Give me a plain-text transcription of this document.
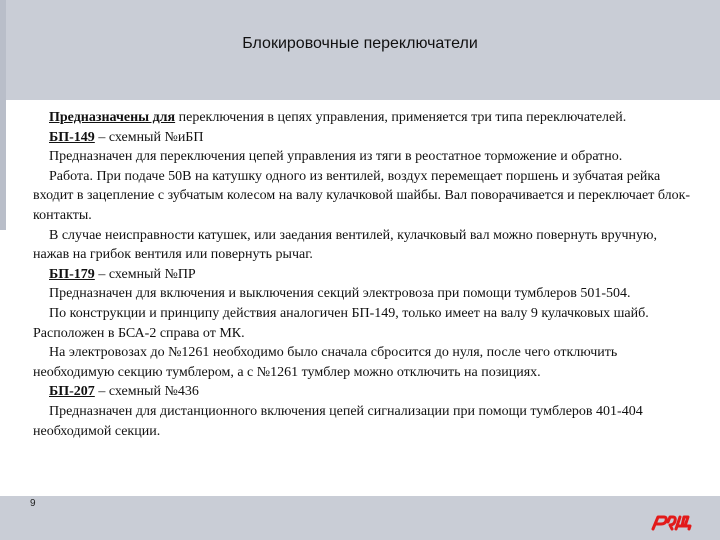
Блокировочные переключатели

Предназначены для переключения в цепях управления, применяется три типа переключателей.

БП-149 – схемный №иБП

Предназначен для переключения цепей управления из тяги в реостатное торможение и обратно.

Работа. При подаче 50В на катушку одного из вентилей, воздух перемещает поршень и зубчатая рейка входит в зацепление с зубчатым колесом на валу кулачковой шайбы. Вал поворачивается и переключает блок-контакты.

В случае неисправности катушек, или заедания вентилей, кулачковый вал можно повернуть вручную, нажав на грибок вентиля или повернуть рычаг.

БП-179 – схемный №ПР

Предназначен для включения и выключения секций электровоза при помощи тумблеров 501-504.

По конструкции и принципу действия аналогичен БП-149, только имеет на валу 9 кулачковых шайб. Расположен в БСА-2 справа от МК.

На электровозах до №1261 необходимо было сначала сбросится до нуля, после чего отключить необходимую секцию тумблером, а с №1261 тумблер можно отключить на позициях.

БП-207 – схемный №436

Предназначен для дистанционного включения цепей сигнализации при помощи тумблеров 401-404 необходимой секции.

9
